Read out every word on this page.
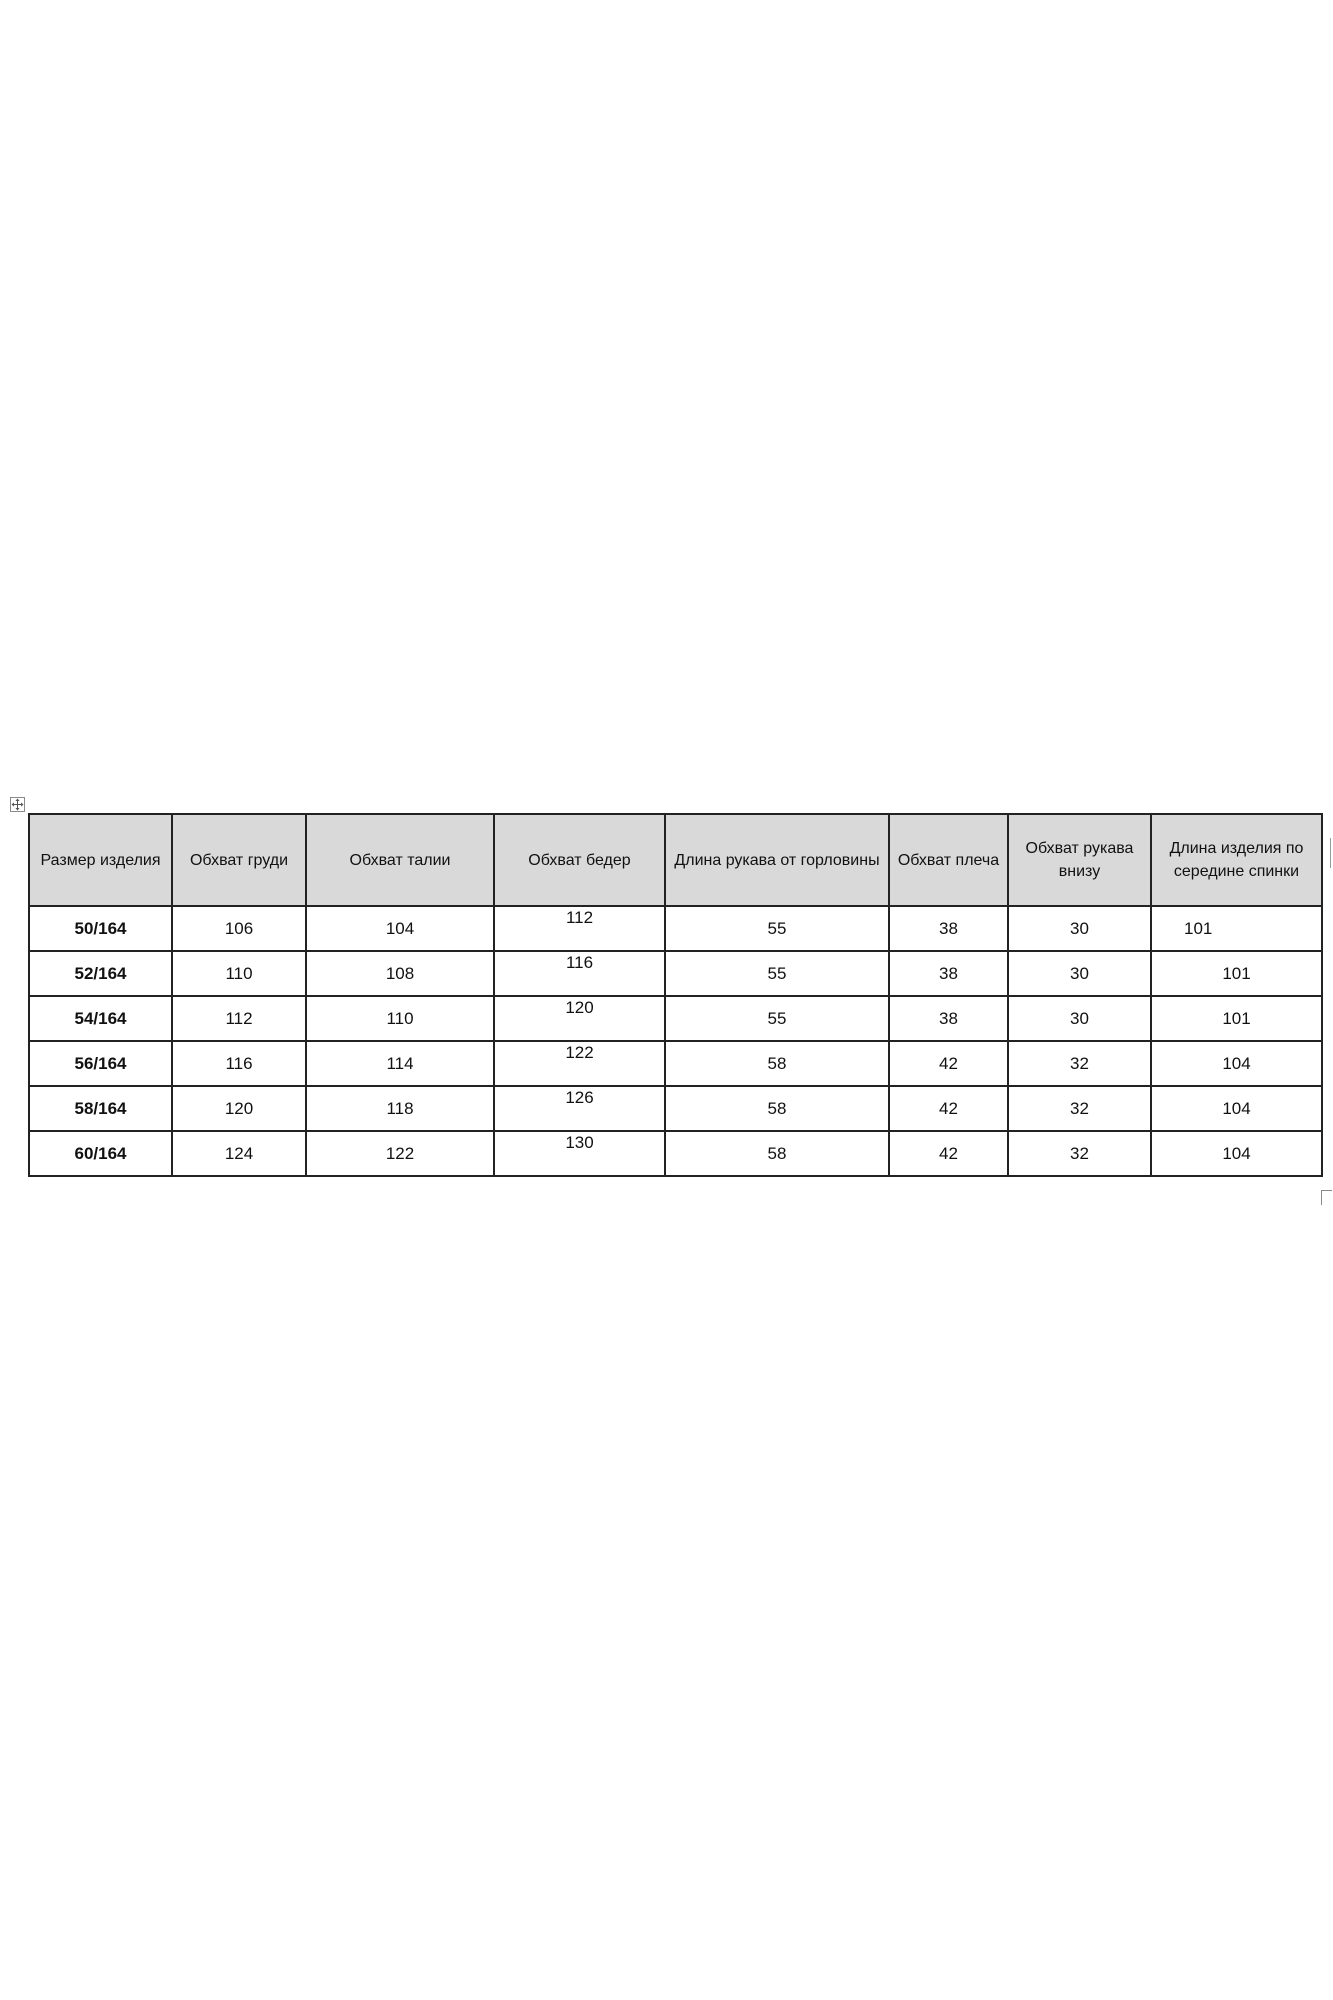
Размер изделия	Обхват груди	Обхват талии	Обхват бедер	Длина рукава от горловины	Обхват плеча	Обхват рукава внизу	Длина изделия по середине спинки
50/164	106	104	112	55	38	30	101
52/164	110	108	116	55	38	30	101
54/164	112	110	120	55	38	30	101
56/164	116	114	122	58	42	32	104
58/164	120	118	126	58	42	32	104
60/164	124	122	130	58	42	32	104
